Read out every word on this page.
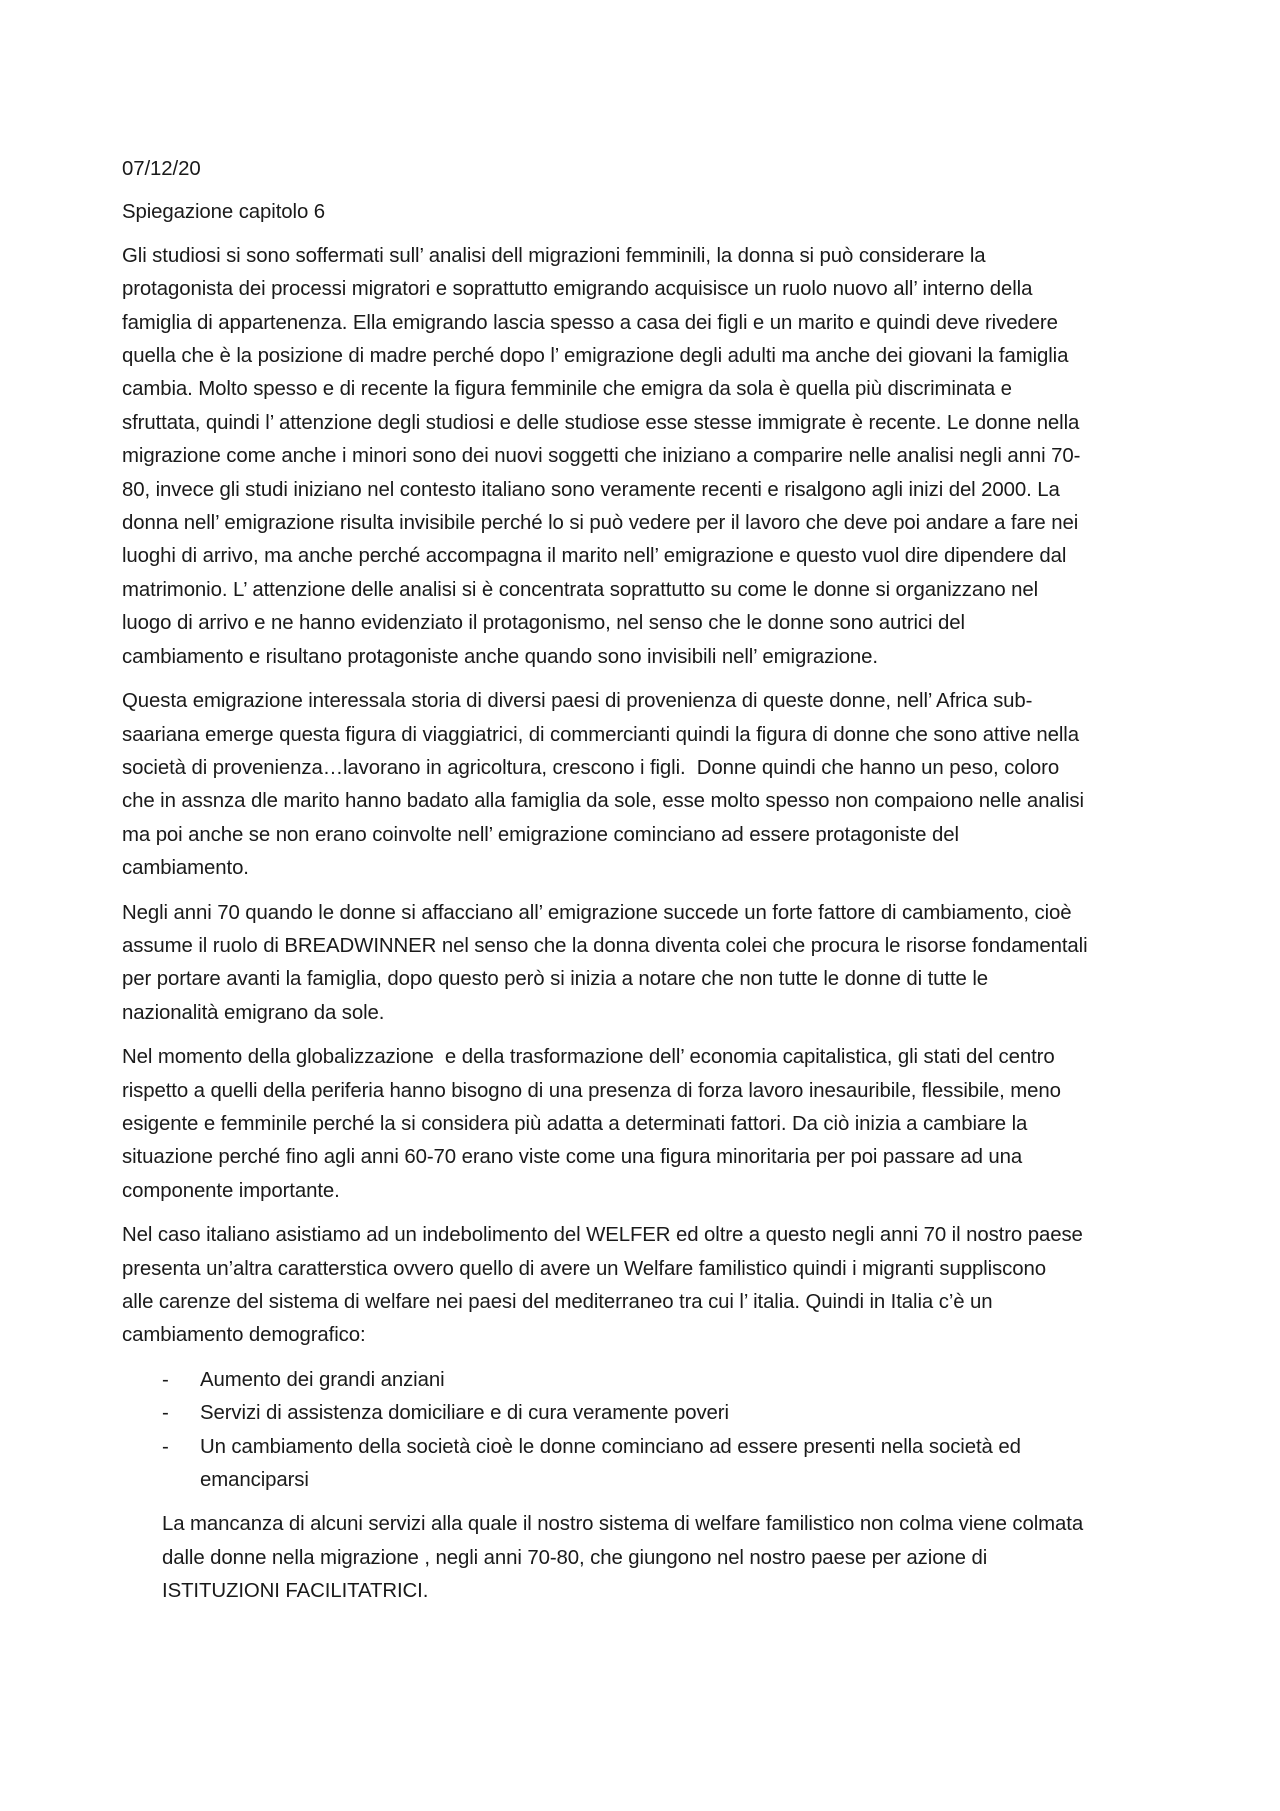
07/12/20
Spiegazione capitolo 6
Gli studiosi si sono soffermati sull’ analisi dell migrazioni femminili, la donna si può considerare la
protagonista dei processi migratori e soprattutto emigrando acquisisce un ruolo nuovo all’ interno della
famiglia di appartenenza. Ella emigrando lascia spesso a casa dei figli e un marito e quindi deve rivedere
quella che è la posizione di madre perché dopo l’ emigrazione degli adulti ma anche dei giovani la famiglia
cambia. Molto spesso e di recente la figura femminile che emigra da sola è quella più discriminata e
sfruttata, quindi l’ attenzione degli studiosi e delle studiose esse stesse immigrate è recente. Le donne nella
migrazione come anche i minori sono dei nuovi soggetti che iniziano a comparire nelle analisi negli anni 70-
80, invece gli studi iniziano nel contesto italiano sono veramente recenti e risalgono agli inizi del 2000. La
donna nell’ emigrazione risulta invisibile perché lo si può vedere per il lavoro che deve poi andare a fare nei
luoghi di arrivo, ma anche perché accompagna il marito nell’ emigrazione e questo vuol dire dipendere dal
matrimonio. L’ attenzione delle analisi si è concentrata soprattutto su come le donne si organizzano nel
luogo di arrivo e ne hanno evidenziato il protagonismo, nel senso che le donne sono autrici del
cambiamento e risultano protagoniste anche quando sono invisibili nell’ emigrazione.
Questa emigrazione interessala storia di diversi paesi di provenienza di queste donne, nell’ Africa sub-
saariana emerge questa figura di viaggiatrici, di commercianti quindi la figura di donne che sono attive nella
società di provenienza…lavorano in agricoltura, crescono i figli.  Donne quindi che hanno un peso, coloro
che in assnza dle marito hanno badato alla famiglia da sole, esse molto spesso non compaiono nelle analisi
ma poi anche se non erano coinvolte nell’ emigrazione cominciano ad essere protagoniste del
cambiamento.
Negli anni 70 quando le donne si affacciano all’ emigrazione succede un forte fattore di cambiamento, cioè
assume il ruolo di BREADWINNER nel senso che la donna diventa colei che procura le risorse fondamentali
per portare avanti la famiglia, dopo questo però si inizia a notare che non tutte le donne di tutte le
nazionalità emigrano da sole.
Nel momento della globalizzazione  e della trasformazione dell’ economia capitalistica, gli stati del centro
rispetto a quelli della periferia hanno bisogno di una presenza di forza lavoro inesauribile, flessibile, meno
esigente e femminile perché la si considera più adatta a determinati fattori. Da ciò inizia a cambiare la
situazione perché fino agli anni 60-70 erano viste come una figura minoritaria per poi passare ad una
componente importante.
Nel caso italiano asistiamo ad un indebolimento del WELFER ed oltre a questo negli anni 70 il nostro paese
presenta un’altra caratterstica ovvero quello di avere un Welfare familistico quindi i migranti suppliscono
alle carenze del sistema di welfare nei paesi del mediterraneo tra cui l’ italia. Quindi in Italia c’è un
cambiamento demografico:
- Aumento dei grandi anziani
- Servizi di assistenza domiciliare e di cura veramente poveri
- Un cambiamento della società cioè le donne cominciano ad essere presenti nella società ed
emanciparsi
La mancanza di alcuni servizi alla quale il nostro sistema di welfare familistico non colma viene colmata
dalle donne nella migrazione , negli anni 70-80, che giungono nel nostro paese per azione di
ISTITUZIONI FACILITATRICI.
